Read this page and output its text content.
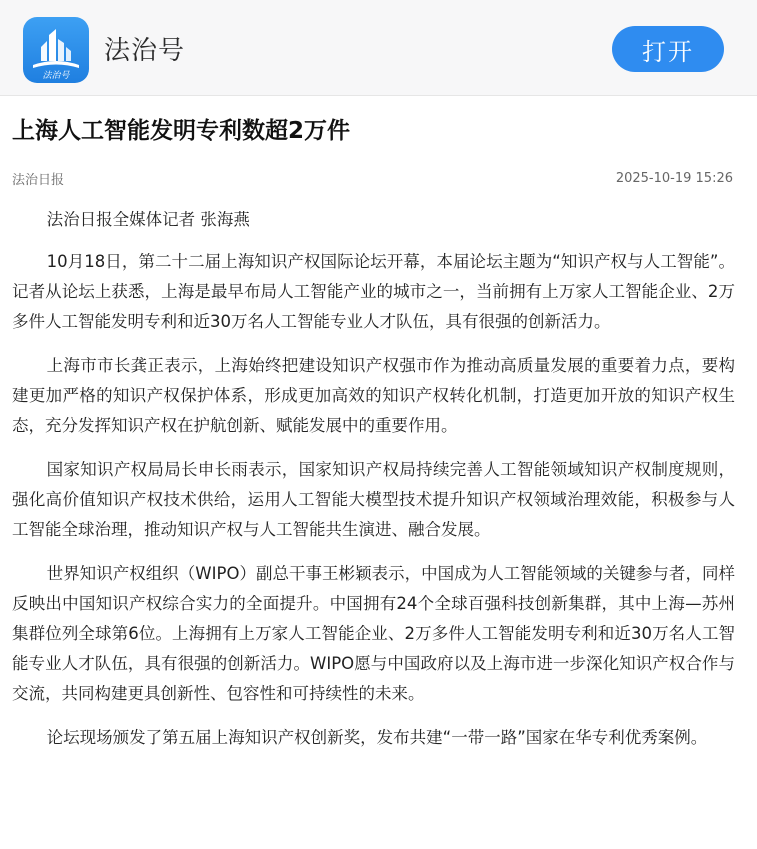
法治号
法治号	打开
上海人工智能发明专利数超2万件
法治日报	2025-10-19 15:26

法治日报全媒体记者 张海燕

10月18日，第二十二届上海知识产权国际论坛开幕，本届论坛主题为“知识产权与人工智能”。记者从论坛上获悉，上海是最早布局人工智能产业的城市之一，当前拥有上万家人工智能企业、2万多件人工智能发明专利和近30万名人工智能专业人才队伍，具有很强的创新活力。

上海市市长龚正表示，上海始终把建设知识产权强市作为推动高质量发展的重要着力点，要构建更加严格的知识产权保护体系，形成更加高效的知识产权转化机制，打造更加开放的知识产权生态，充分发挥知识产权在护航创新、赋能发展中的重要作用。

国家知识产权局局长申长雨表示，国家知识产权局持续完善人工智能领域知识产权制度规则，强化高价值知识产权技术供给，运用人工智能大模型技术提升知识产权领域治理效能，积极参与人工智能全球治理，推动知识产权与人工智能共生演进、融合发展。

世界知识产权组织（WIPO）副总干事王彬颖表示，中国成为人工智能领域的关键参与者，同样反映出中国知识产权综合实力的全面提升。中国拥有24个全球百强科技创新集群，其中上海—苏州集群位列全球第6位。上海拥有上万家人工智能企业、2万多件人工智能发明专利和近30万名人工智能专业人才队伍，具有很强的创新活力。WIPO愿与中国政府以及上海市进一步深化知识产权合作与交流，共同构建更具创新性、包容性和可持续性的未来。

论坛现场颁发了第五届上海知识产权创新奖，发布共建“一带一路”国家在华专利优秀案例。
